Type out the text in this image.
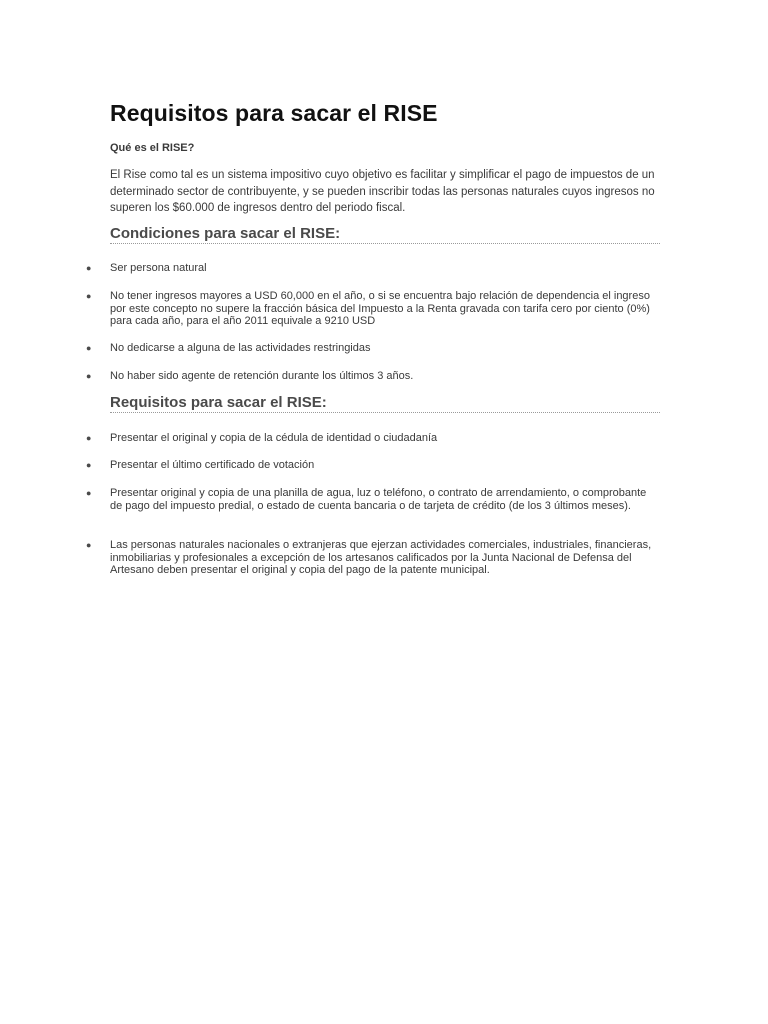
Requisitos para sacar el RISE

Qué es el RISE?

El Rise como tal es un sistema impositivo cuyo objetivo es facilitar y simplificar el pago de impuestos de un determinado sector de contribuyente, y se pueden inscribir todas las personas naturales cuyos ingresos no superen los $60.000 de ingresos dentro del periodo fiscal.

Condiciones para sacar el RISE:
● Ser persona natural

● No tener ingresos mayores a USD 60,000 en el año, o si se encuentra bajo relación de dependencia el ingreso por este concepto no supere la fracción básica del Impuesto a la Renta gravada con tarifa cero por ciento (0%) para cada año, para el año 2011 equivale a 9210 USD

● No dedicarse a alguna de las actividades restringidas

● No haber sido agente de retención durante los últimos 3 años.

Requisitos para sacar el RISE:
● Presentar el original y copia de la cédula de identidad o ciudadanía

● Presentar el último certificado de votación

● Presentar original y copia de una planilla de agua, luz o teléfono, o contrato de arrendamiento, o comprobante de pago del impuesto predial, o estado de cuenta bancaria o de tarjeta de crédito (de los 3 últimos meses).

● Las personas naturales nacionales o extranjeras que ejerzan actividades comerciales, industriales, financieras, inmobiliarias y profesionales a excepción de los artesanos calificados por la Junta Nacional de Defensa del Artesano deben presentar el original y copia del pago de la patente municipal.
